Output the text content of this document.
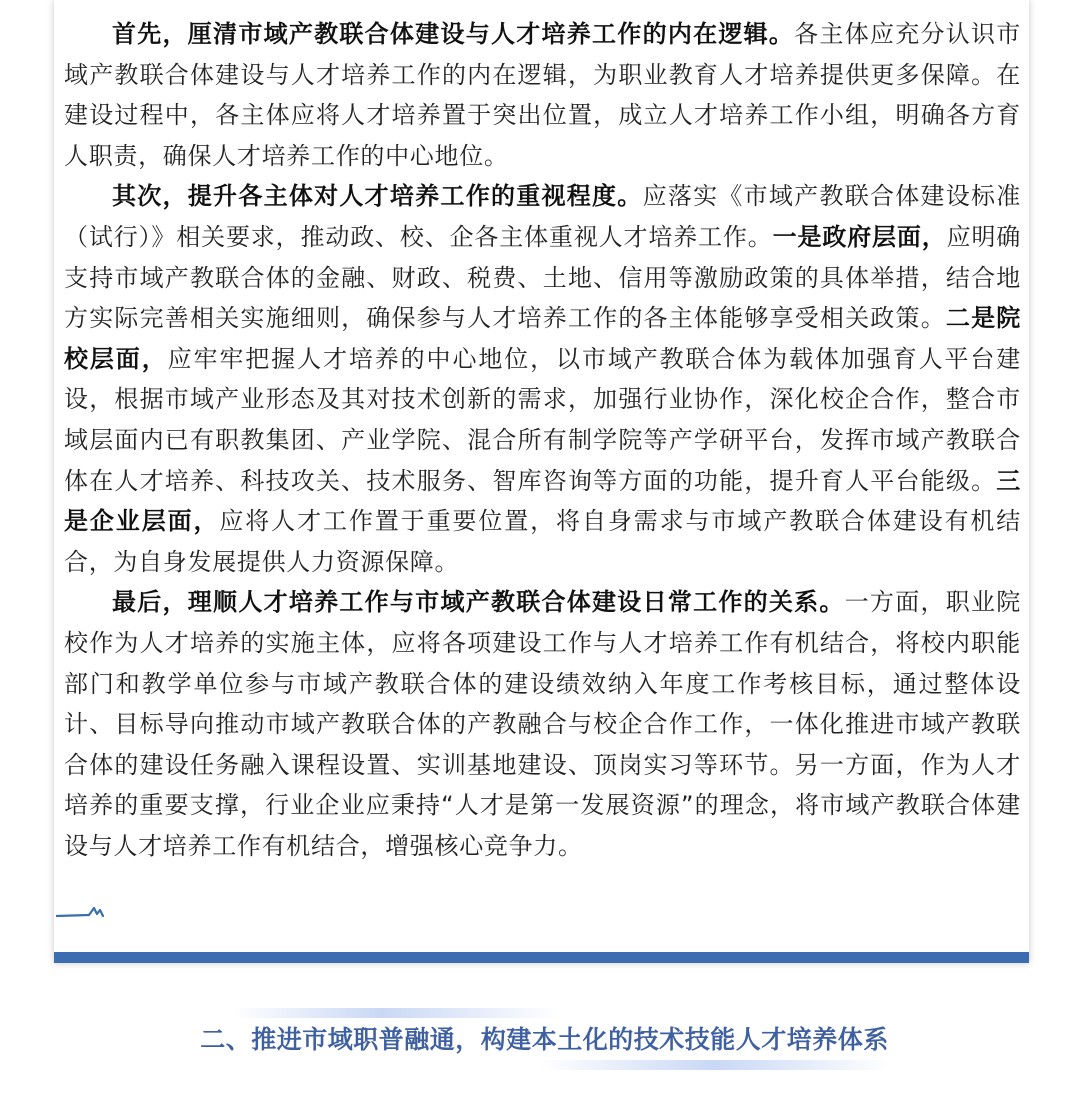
首先，厘清市域产教联合体建设与人才培养工作的内在逻辑。各主体应充分认识市域产教联合体建设与人才培养工作的内在逻辑，为职业教育人才培养提供更多保障。在建设过程中，各主体应将人才培养置于突出位置，成立人才培养工作小组，明确各方育人职责，确保人才培养工作的中心地位。

其次，提升各主体对人才培养工作的重视程度。应落实《市域产教联合体建设标准（试行）》相关要求，推动政、校、企各主体重视人才培养工作。一是政府层面，应明确支持市域产教联合体的金融、财政、税费、土地、信用等激励政策的具体举措，结合地方实际完善相关实施细则，确保参与人才培养工作的各主体能够享受相关政策。二是院校层面，应牢牢把握人才培养的中心地位，以市域产教联合体为载体加强育人平台建设，根据市域产业形态及其对技术创新的需求，加强行业协作，深化校企合作，整合市域层面内已有职教集团、产业学院、混合所有制学院等产学研平台，发挥市域产教联合体在人才培养、科技攻关、技术服务、智库咨询等方面的功能，提升育人平台能级。三是企业层面，应将人才工作置于重要位置，将自身需求与市域产教联合体建设有机结合，为自身发展提供人力资源保障。

最后，理顺人才培养工作与市域产教联合体建设日常工作的关系。一方面，职业院校作为人才培养的实施主体，应将各项建设工作与人才培养工作有机结合，将校内职能部门和教学单位参与市域产教联合体的建设绩效纳入年度工作考核目标，通过整体设计、目标导向推动市域产教联合体的产教融合与校企合作工作，一体化推进市域产教联合体的建设任务融入课程设置、实训基地建设、顶岗实习等环节。另一方面，作为人才培养的重要支撑，行业企业应秉持“人才是第一发展资源”的理念，将市域产教联合体建设与人才培养工作有机结合，增强核心竞争力。

二、推进市域职普融通，构建本土化的技术技能人才培养体系
